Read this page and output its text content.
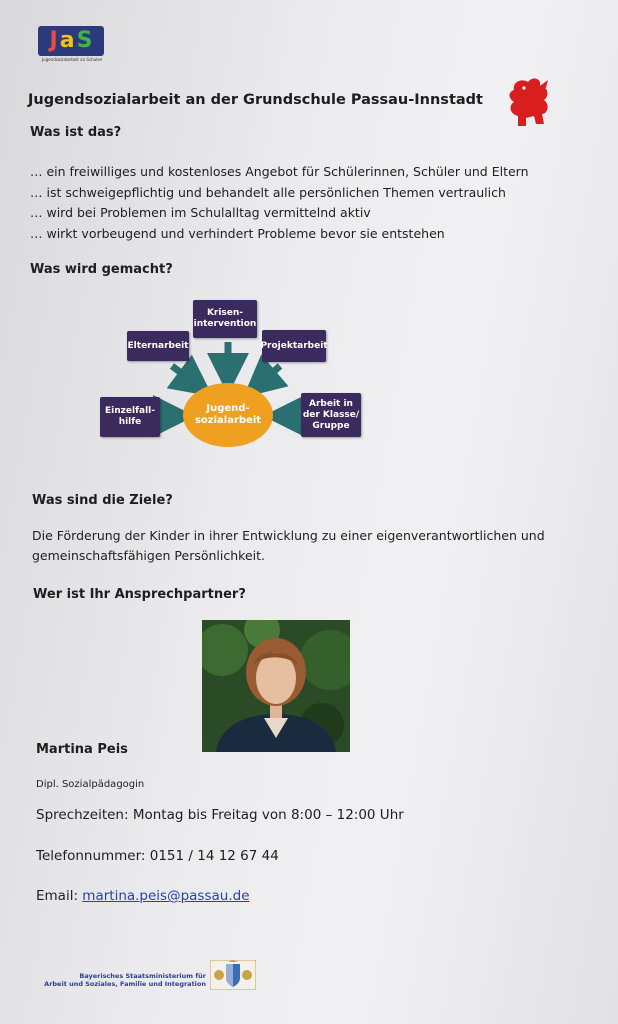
J a S
Jugendsozialarbeit an Schulen
Jugendsozialarbeit an der Grundschule Passau-Innstadt
Was ist das?
… ein freiwilliges und kostenloses Angebot für Schülerinnen, Schüler und Eltern
… ist schweigepflichtig und behandelt alle persönlichen Themen vertraulich
… wird bei Problemen im Schulalltag vermittelnd aktiv
… wirkt vorbeugend und verhindert Probleme bevor sie entstehen
Was wird gemacht?
Krisen-
intervention
Elternarbeit	Projektarbeit
Einzelfall-
hilfe
Arbeit in
der Klasse/
Gruppe
Jugend-
sozialarbeit
Was sind die Ziele?

Die Förderung der Kinder in ihrer Entwicklung zu einer eigenverantwortlichen und gemeinschaftsfähigen Persönlichkeit.

Wer ist Ihr Ansprechpartner?
Martina Peis
Dipl. Sozialpädagogin
Sprechzeiten: Montag bis Freitag von 8:00 – 12:00 Uhr
Telefonnummer: 0151 / 14 12 67 44
Email: martina.peis@passau.de
Bayerisches Staatsministerium für
Arbeit und Soziales, Familie und Integration
